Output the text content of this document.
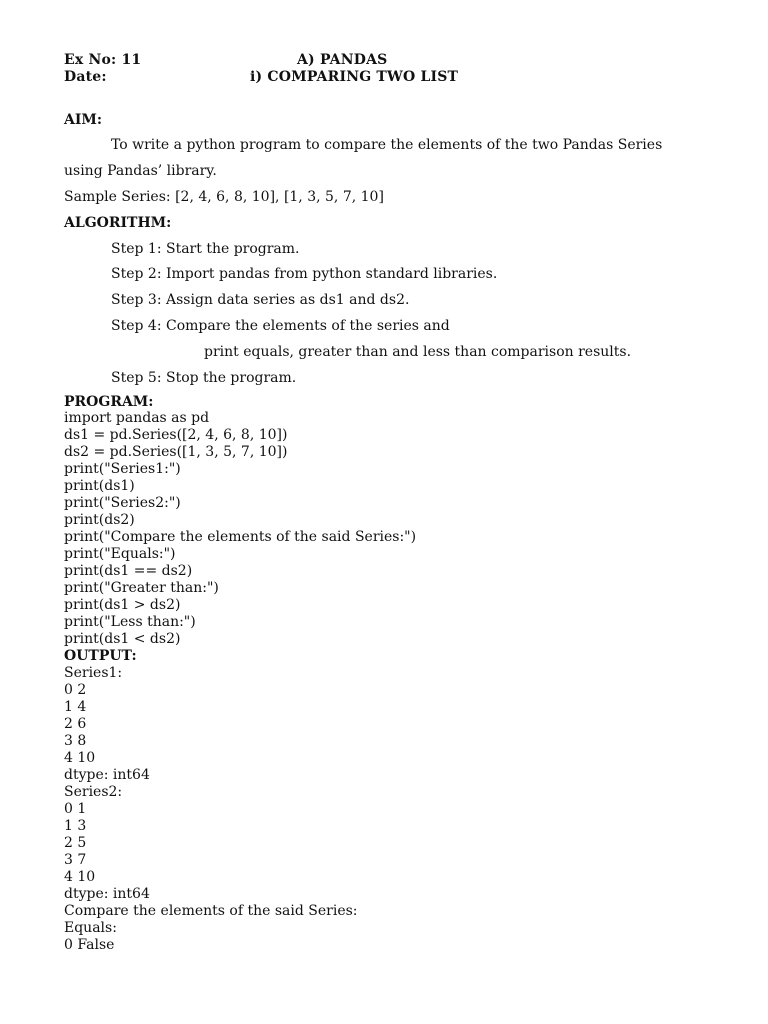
Ex No: 11	A) PANDAS
Date:	i) COMPARING TWO LIST
AIM:
To write a python program to compare the elements of the two Pandas Series
using Pandas’ library.
Sample Series: [2, 4, 6, 8, 10], [1, 3, 5, 7, 10]
ALGORITHM:
Step 1: Start the program.
Step 2: Import pandas from python standard libraries.
Step 3: Assign data series as ds1 and ds2.
Step 4: Compare the elements of the series and
print equals, greater than and less than comparison results.
Step 5: Stop the program.
PROGRAM:
import pandas as pd
ds1 = pd.Series([2, 4, 6, 8, 10])
ds2 = pd.Series([1, 3, 5, 7, 10])
print("Series1:")
print(ds1)
print("Series2:")
print(ds2)
print("Compare the elements of the said Series:")
print("Equals:")
print(ds1 == ds2)
print("Greater than:")
print(ds1 > ds2)
print("Less than:")
print(ds1 < ds2)
OUTPUT:
Series1:
0 2
1 4
2 6
3 8
4 10
dtype: int64
Series2:
0 1
1 3
2 5
3 7
4 10
dtype: int64
Compare the elements of the said Series:
Equals:
0 False
